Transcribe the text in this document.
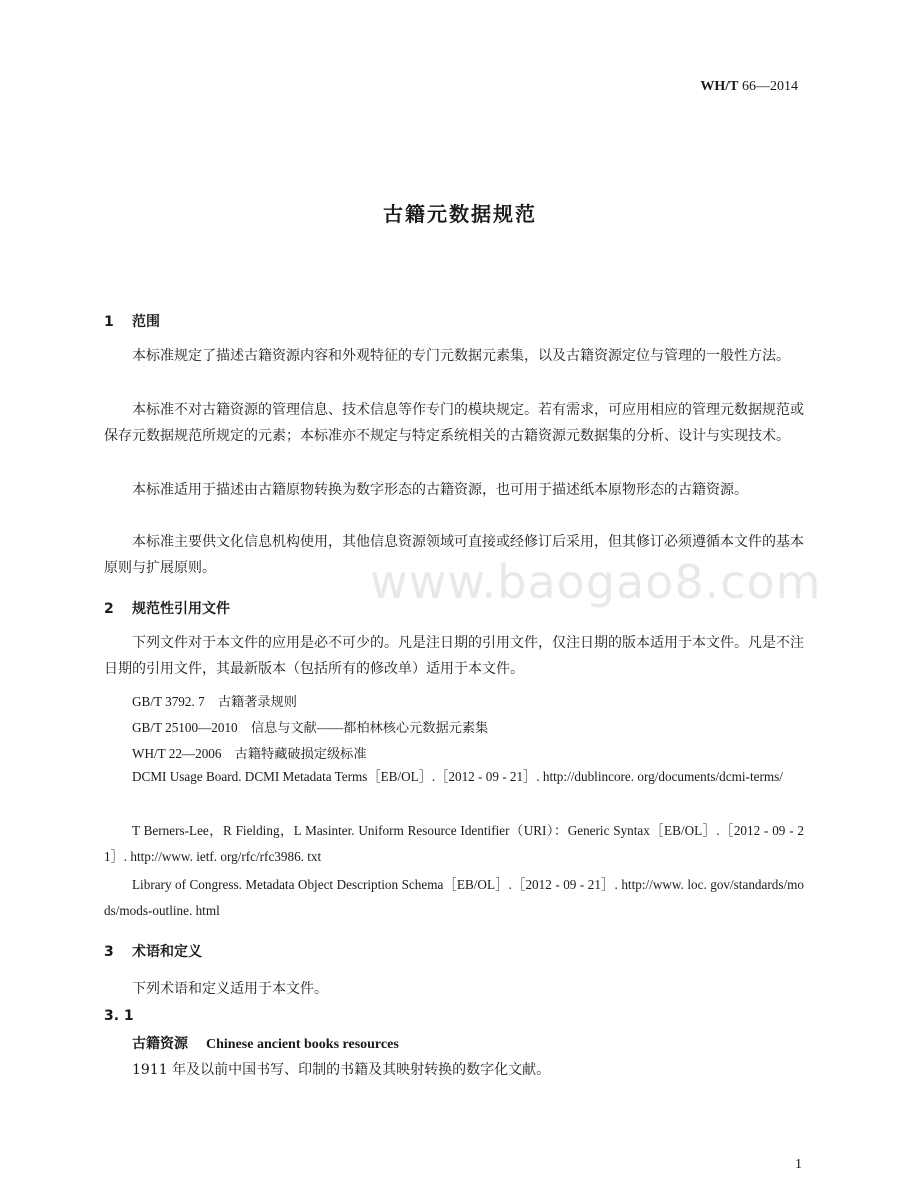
WH/T 66—2014
古籍元数据规范
1 范围
本标准规定了描述古籍资源内容和外观特征的专门元数据元素集，以及古籍资源定位与管理的一般性方法。
本标准不对古籍资源的管理信息、技术信息等作专门的模块规定。若有需求，可应用相应的管理元数据规范或保存元数据规范所规定的元素；本标准亦不规定与特定系统相关的古籍资源元数据集的分析、设计与实现技术。
本标准适用于描述由古籍原物转换为数字形态的古籍资源，也可用于描述纸本原物形态的古籍资源。
本标准主要供文化信息机构使用，其他信息资源领域可直接或经修订后采用，但其修订必须遵循本文件的基本原则与扩展原则。	www.baogao8.com
2 规范性引用文件
下列文件对于本文件的应用是必不可少的。凡是注日期的引用文件，仅注日期的版本适用于本文件。凡是不注日期的引用文件，其最新版本（包括所有的修改单）适用于本文件。
GB/T 3792. 7　古籍著录规则
GB/T 25100—2010　信息与文献——都柏林核心元数据元素集
WH/T 22—2006　古籍特藏破损定级标准
DCMI Usage Board. DCMI Metadata Terms［EB/OL］.［2012 - 09 - 21］. http://dublincore. org/documents/dcmi-terms/
T Berners-Lee，R Fielding，L Masinter. Uniform Resource Identifier（URI）：Generic Syntax［EB/OL］.［2012 - 09 - 21］. http://www. ietf. org/rfc/rfc3986. txt
Library of Congress. Metadata Object Description Schema［EB/OL］.［2012 - 09 - 21］. http://www. loc. gov/standards/mods/mods-outline. html
3 术语和定义
下列术语和定义适用于本文件。
3. 1
古籍资源 Chinese ancient books resources
1911 年及以前中国书写、印制的书籍及其映射转换的数字化文献。
1
